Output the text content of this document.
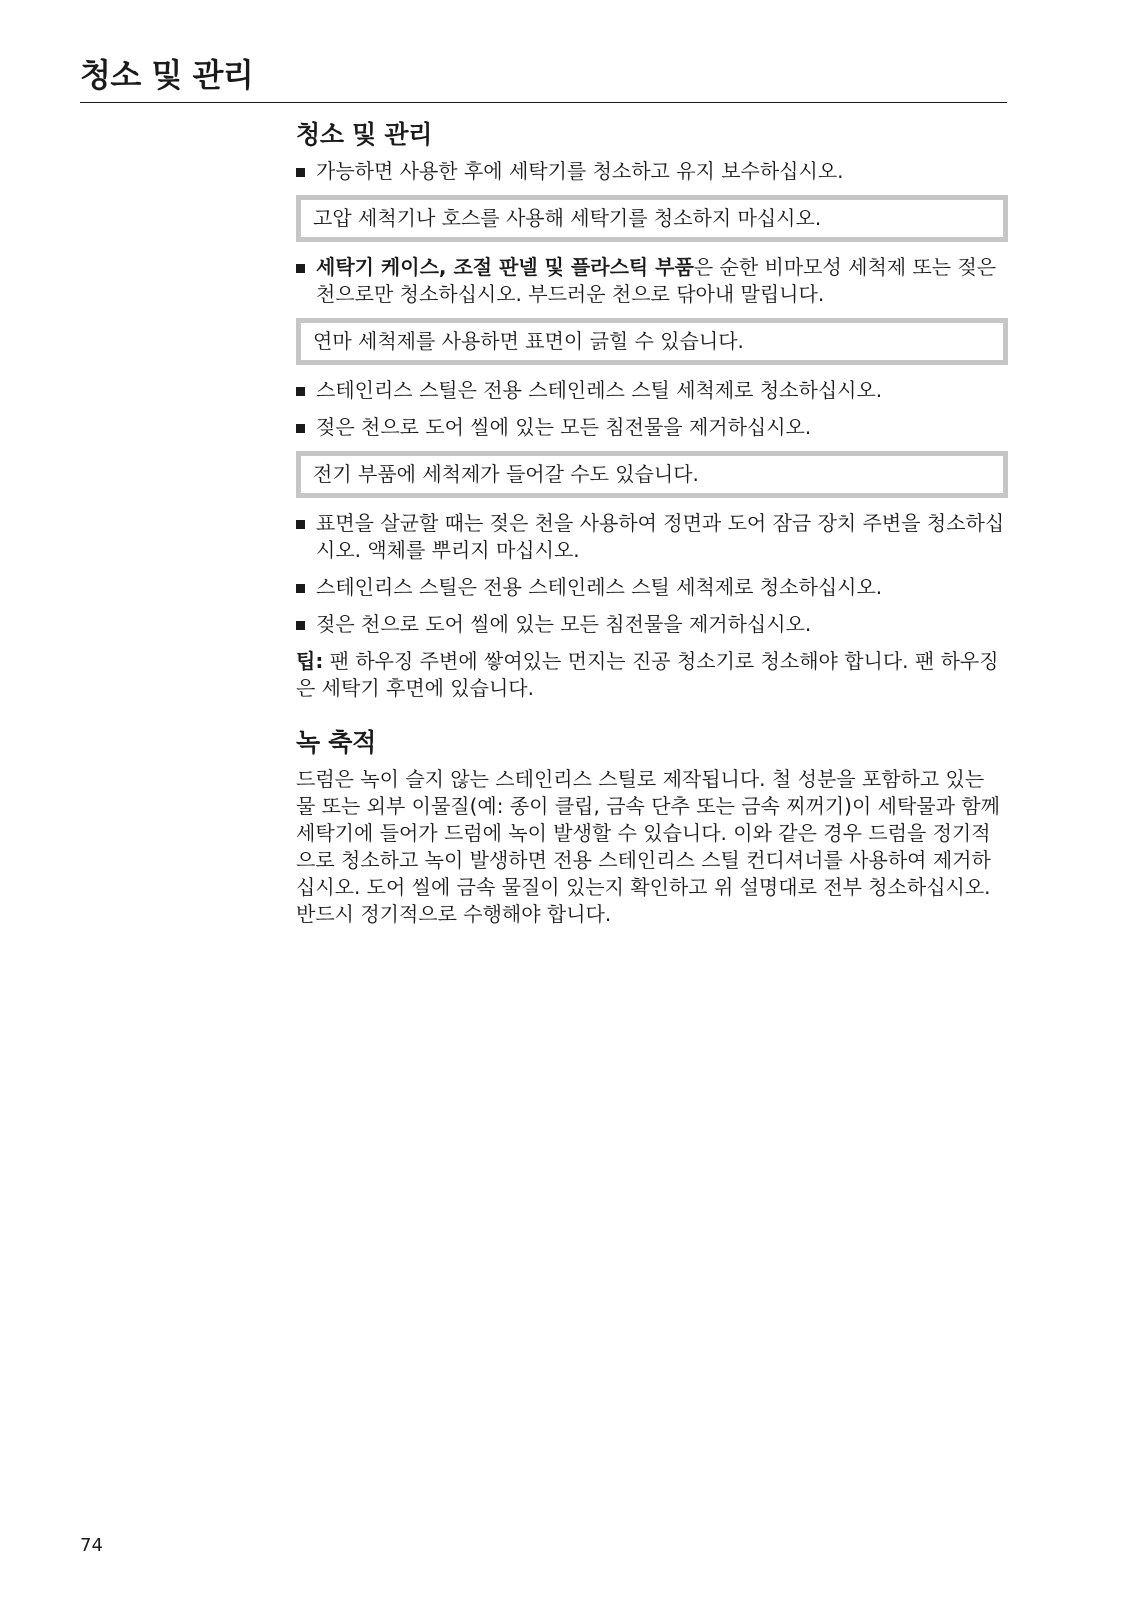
청소 및 관리
청소 및 관리
가능하면 사용한 후에 세탁기를 청소하고 유지 보수하십시오.
고압 세척기나 호스를 사용해 세탁기를 청소하지 마십시오.
세탁기 케이스, 조절 판넬 및 플라스틱 부품은 순한 비마모성 세척제 또는 젖은 천으로만 청소하십시오. 부드러운 천으로 닦아내 말립니다.
연마 세척제를 사용하면 표면이 긁힐 수 있습니다.
스테인리스 스틸은 전용 스테인레스 스틸 세척제로 청소하십시오.
젖은 천으로 도어 씰에 있는 모든 침전물을 제거하십시오.
전기 부품에 세척제가 들어갈 수도 있습니다.
표면을 살균할 때는 젖은 천을 사용하여 정면과 도어 잠금 장치 주변을 청소하십시오. 액체를 뿌리지 마십시오.
스테인리스 스틸은 전용 스테인레스 스틸 세척제로 청소하십시오.
젖은 천으로 도어 씰에 있는 모든 침전물을 제거하십시오.

팁: 팬 하우징 주변에 쌓여있는 먼지는 진공 청소기로 청소해야 합니다. 팬 하우징은 세탁기 후면에 있습니다.

녹 축적

드럼은 녹이 슬지 않는 스테인리스 스틸로 제작됩니다. 철 성분을 포함하고 있는 물 또는 외부 이물질(예: 종이 클립, 금속 단추 또는 금속 찌꺼기)이 세탁물과 함께 세탁기에 들어가 드럼에 녹이 발생할 수 있습니다. 이와 같은 경우 드럼을 정기적으로 청소하고 녹이 발생하면 전용 스테인리스 스틸 컨디셔너를 사용하여 제거하십시오. 도어 씰에 금속 물질이 있는지 확인하고 위 설명대로 전부 청소하십시오. 반드시 정기적으로 수행해야 합니다.

74
